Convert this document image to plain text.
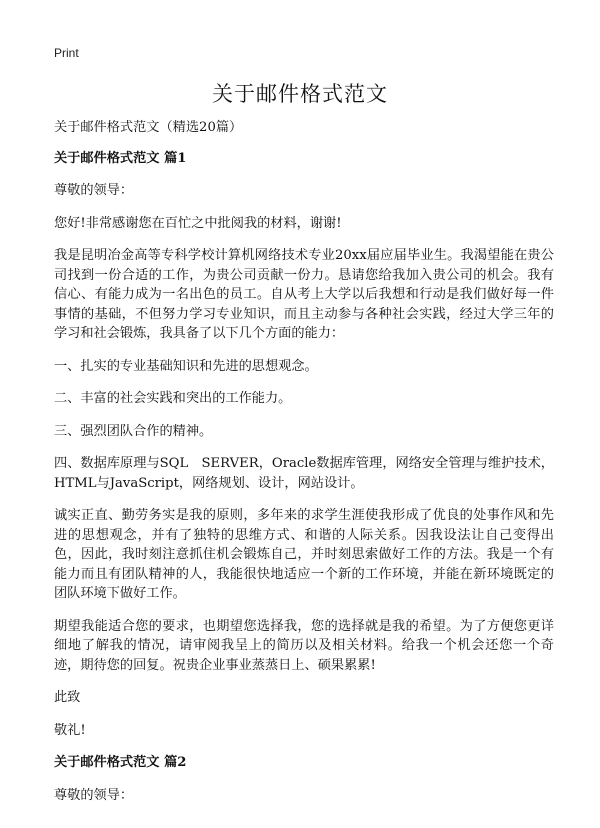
Print
关于邮件格式范文

关于邮件格式范文（精选20篇）

关于邮件格式范文 篇1

尊敬的领导：

您好!非常感谢您在百忙之中批阅我的材料，谢谢!

我是昆明冶金高等专科学校计算机网络技术专业20xx届应届毕业生。我渴望能在贵公司找到一份合适的工作，为贵公司贡献一份力。恳请您给我加入贵公司的机会。我有信心、有能力成为一名出色的员工。自从考上大学以后我想和行动是我们做好每一件事情的基础，不但努力学习专业知识，而且主动参与各种社会实践，经过大学三年的学习和社会锻炼，我具备了以下几个方面的能力：

一、扎实的专业基础知识和先进的思想观念。

二、丰富的社会实践和突出的工作能力。

三、强烈团队合作的精神。

四、数据库原理与SQL　SERVER，Oracle数据库管理，网络安全管理与维护技术，HTML与JavaScript，网络规划、设计，网站设计。

诚实正直、勤劳务实是我的原则，多年来的求学生涯使我形成了优良的处事作风和先进的思想观念，并有了独特的思维方式、和谐的人际关系。因我设法让自己变得出色，因此，我时刻注意抓住机会锻炼自己，并时刻思索做好工作的方法。我是一个有能力而且有团队精神的人，我能很快地适应一个新的工作环境，并能在新环境既定的团队环境下做好工作。

期望我能适合您的要求，也期望您选择我，您的选择就是我的希望。为了方便您更详细地了解我的情况，请审阅我呈上的简历以及相关材料。给我一个机会还您一个奇迹，期待您的回复。祝贵企业事业蒸蒸日上、硕果累累!

此致

敬礼!

关于邮件格式范文 篇2

尊敬的领导：
